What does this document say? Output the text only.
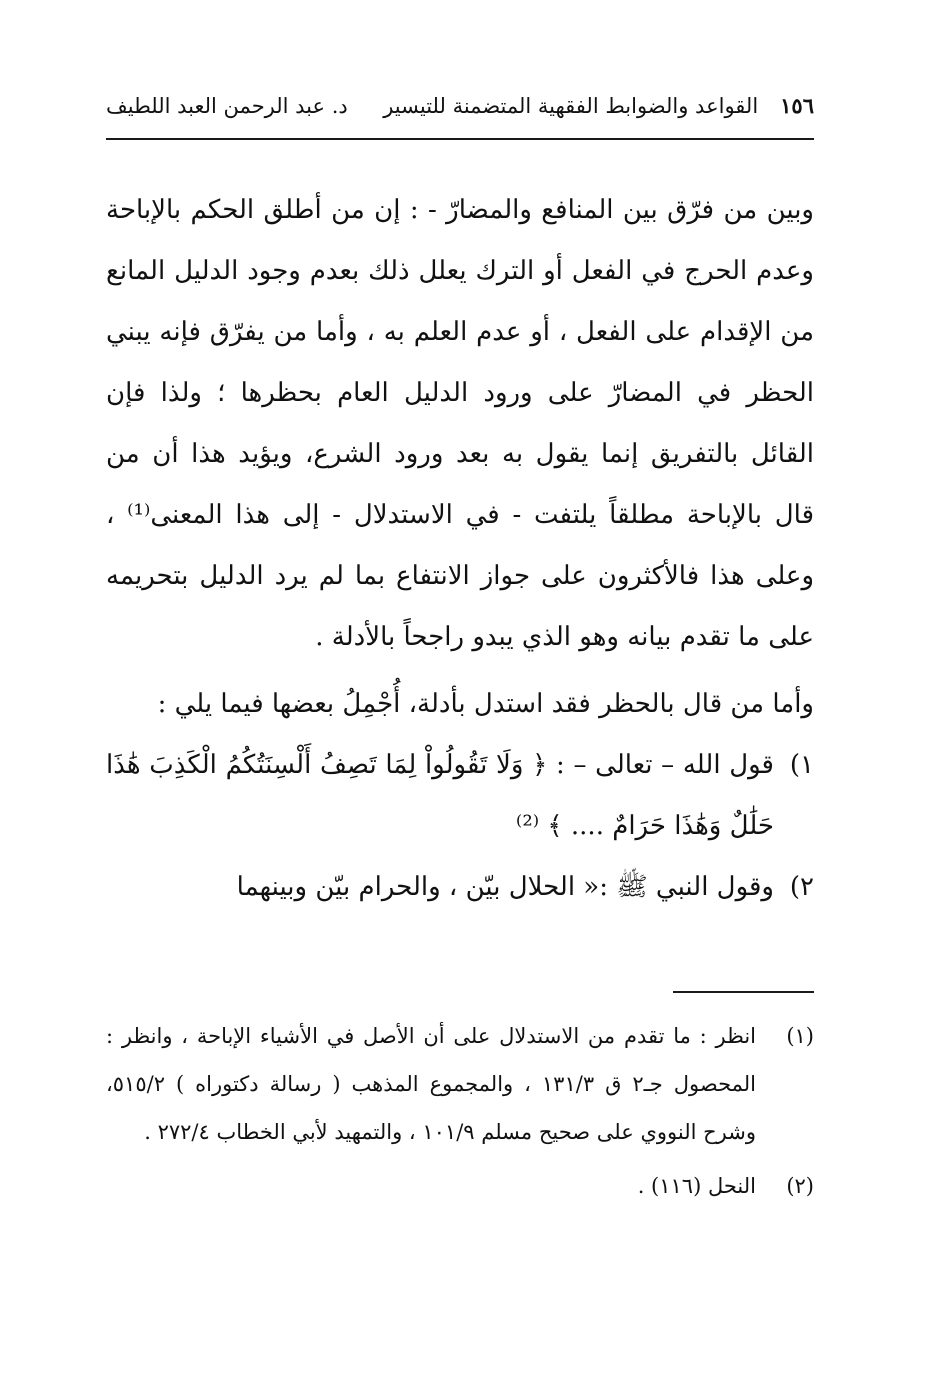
١٥٦
القواعد والضوابط الفقهية المتضمنة للتيسير
د. عبد الرحمن العبد اللطيف

وبين من فرّق بين المنافع والمضارّ - : إن من أطلق الحكم بالإباحة وعدم الحرج في الفعل أو الترك يعلل ذلك بعدم وجود الدليل المانع من الإقدام على الفعل ، أو عدم العلم به ، وأما من يفرّق فإنه يبني الحظر في المضارّ على ورود الدليل العام بحظرها ؛ ولذا فإن القائل بالتفريق إنما يقول به بعد ورود الشرع، ويؤيد هذا أن من قال بالإباحة مطلقاً يلتفت - في الاستدلال - إلى هذا المعنى⁽¹⁾ ، وعلى هذا فالأكثرون على جواز الانتفاع بما لم يرد الدليل بتحريمه على ما تقدم بيانه وهو الذي يبدو راجحاً بالأدلة .

وأما من قال بالحظر فقد استدل بأدلة، أُجْمِلُ بعضها فيما يلي :

١)

قول الله – تعالى – : ﴿ وَلَا تَقُولُواْ لِمَا تَصِفُ أَلْسِنَتُكُمُ الْكَذِبَ هَٰذَا حَلَٰلٌ وَهَٰذَا حَرَامٌ .... ﴾ ⁽²⁾

٢)

وقول النبي ﷺ :« الحلال بيّن ، والحرام بيّن وبينهما

(١)

انظر : ما تقدم من الاستدلال على أن الأصل في الأشياء الإباحة ، وانظر : المحصول جـ٢ ق ١٣١/٣ ، والمجموع المذهب ( رسالة دكتوراه ) ٥١٥/٢، وشرح النووي على صحيح مسلم ١٠١/٩ ، والتمهيد لأبي الخطاب ٢٧٢/٤ .

(٢)

النحل (١١٦) .
